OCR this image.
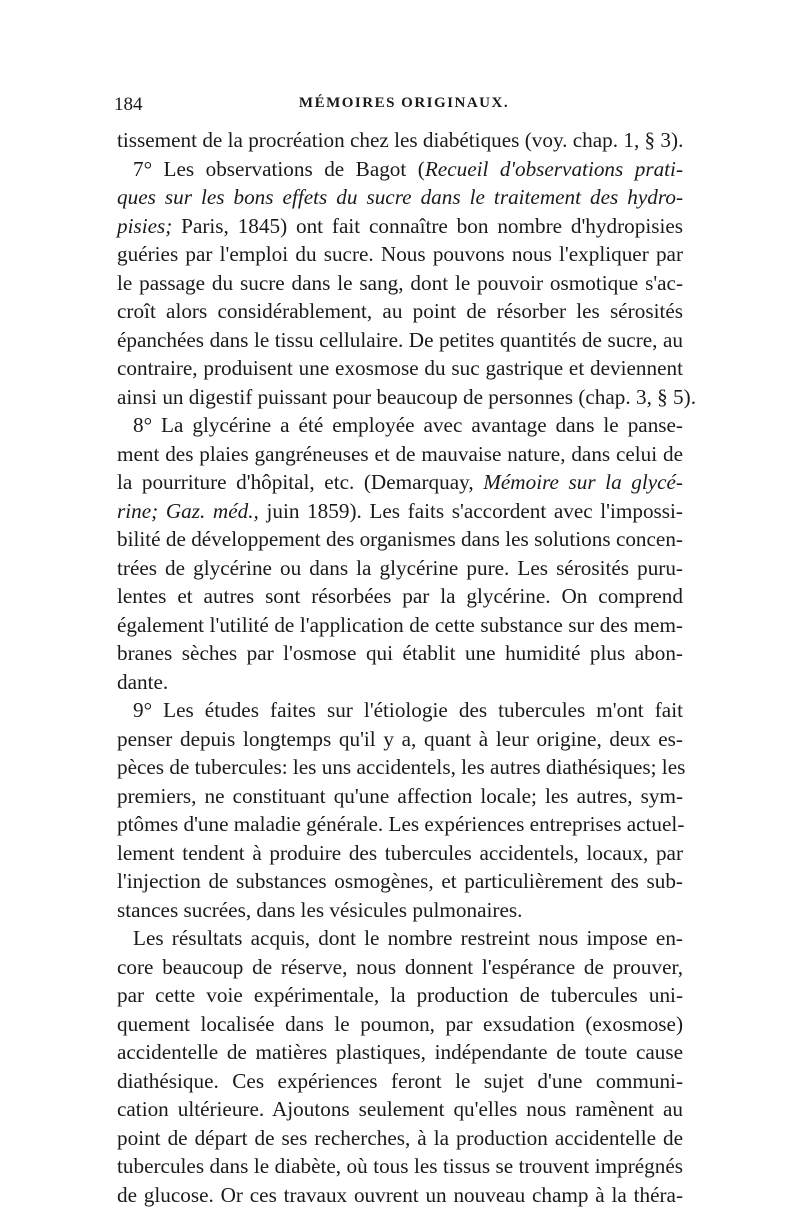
184	MÉMOIRES ORIGINAUX.
tissement de la procréation chez les diabétiques (voy. chap. 1, § 3).
7° Les observations de Bagot (Recueil d'observations prati-
ques sur les bons effets du sucre dans le traitement des hydro-
pisies; Paris, 1845) ont fait connaître bon nombre d'hydropisies
guéries par l'emploi du sucre. Nous pouvons nous l'expliquer par
le passage du sucre dans le sang, dont le pouvoir osmotique s'ac-
croît alors considérablement, au point de résorber les sérosités
épanchées dans le tissu cellulaire. De petites quantités de sucre, au
contraire, produisent une exosmose du suc gastrique et deviennent
ainsi un digestif puissant pour beaucoup de personnes (chap. 3, § 5).
8° La glycérine a été employée avec avantage dans le panse-
ment des plaies gangréneuses et de mauvaise nature, dans celui de
la pourriture d'hôpital, etc. (Demarquay, Mémoire sur la glycé-
rine; Gaz. méd., juin 1859). Les faits s'accordent avec l'impossi-
bilité de développement des organismes dans les solutions concen-
trées de glycérine ou dans la glycérine pure. Les sérosités puru-
lentes et autres sont résorbées par la glycérine. On comprend
également l'utilité de l'application de cette substance sur des mem-
branes sèches par l'osmose qui établit une humidité plus abon-
dante.
9° Les études faites sur l'étiologie des tubercules m'ont fait
penser depuis longtemps qu'il y a, quant à leur origine, deux es-
pèces de tubercules: les uns accidentels, les autres diathésiques; les
premiers, ne constituant qu'une affection locale; les autres, sym-
ptômes d'une maladie générale. Les expériences entreprises actuel-
lement tendent à produire des tubercules accidentels, locaux, par
l'injection de substances osmogènes, et particulièrement des sub-
stances sucrées, dans les vésicules pulmonaires.
Les résultats acquis, dont le nombre restreint nous impose en-
core beaucoup de réserve, nous donnent l'espérance de prouver,
par cette voie expérimentale, la production de tubercules uni-
quement localisée dans le poumon, par exsudation (exosmose)
accidentelle de matières plastiques, indépendante de toute cause
diathésique. Ces expériences feront le sujet d'une communi-
cation ultérieure. Ajoutons seulement qu'elles nous ramènent au
point de départ de ses recherches, à la production accidentelle de
tubercules dans le diabète, où tous les tissus se trouvent imprégnés
de glucose. Or ces travaux ouvrent un nouveau champ à la théra-
